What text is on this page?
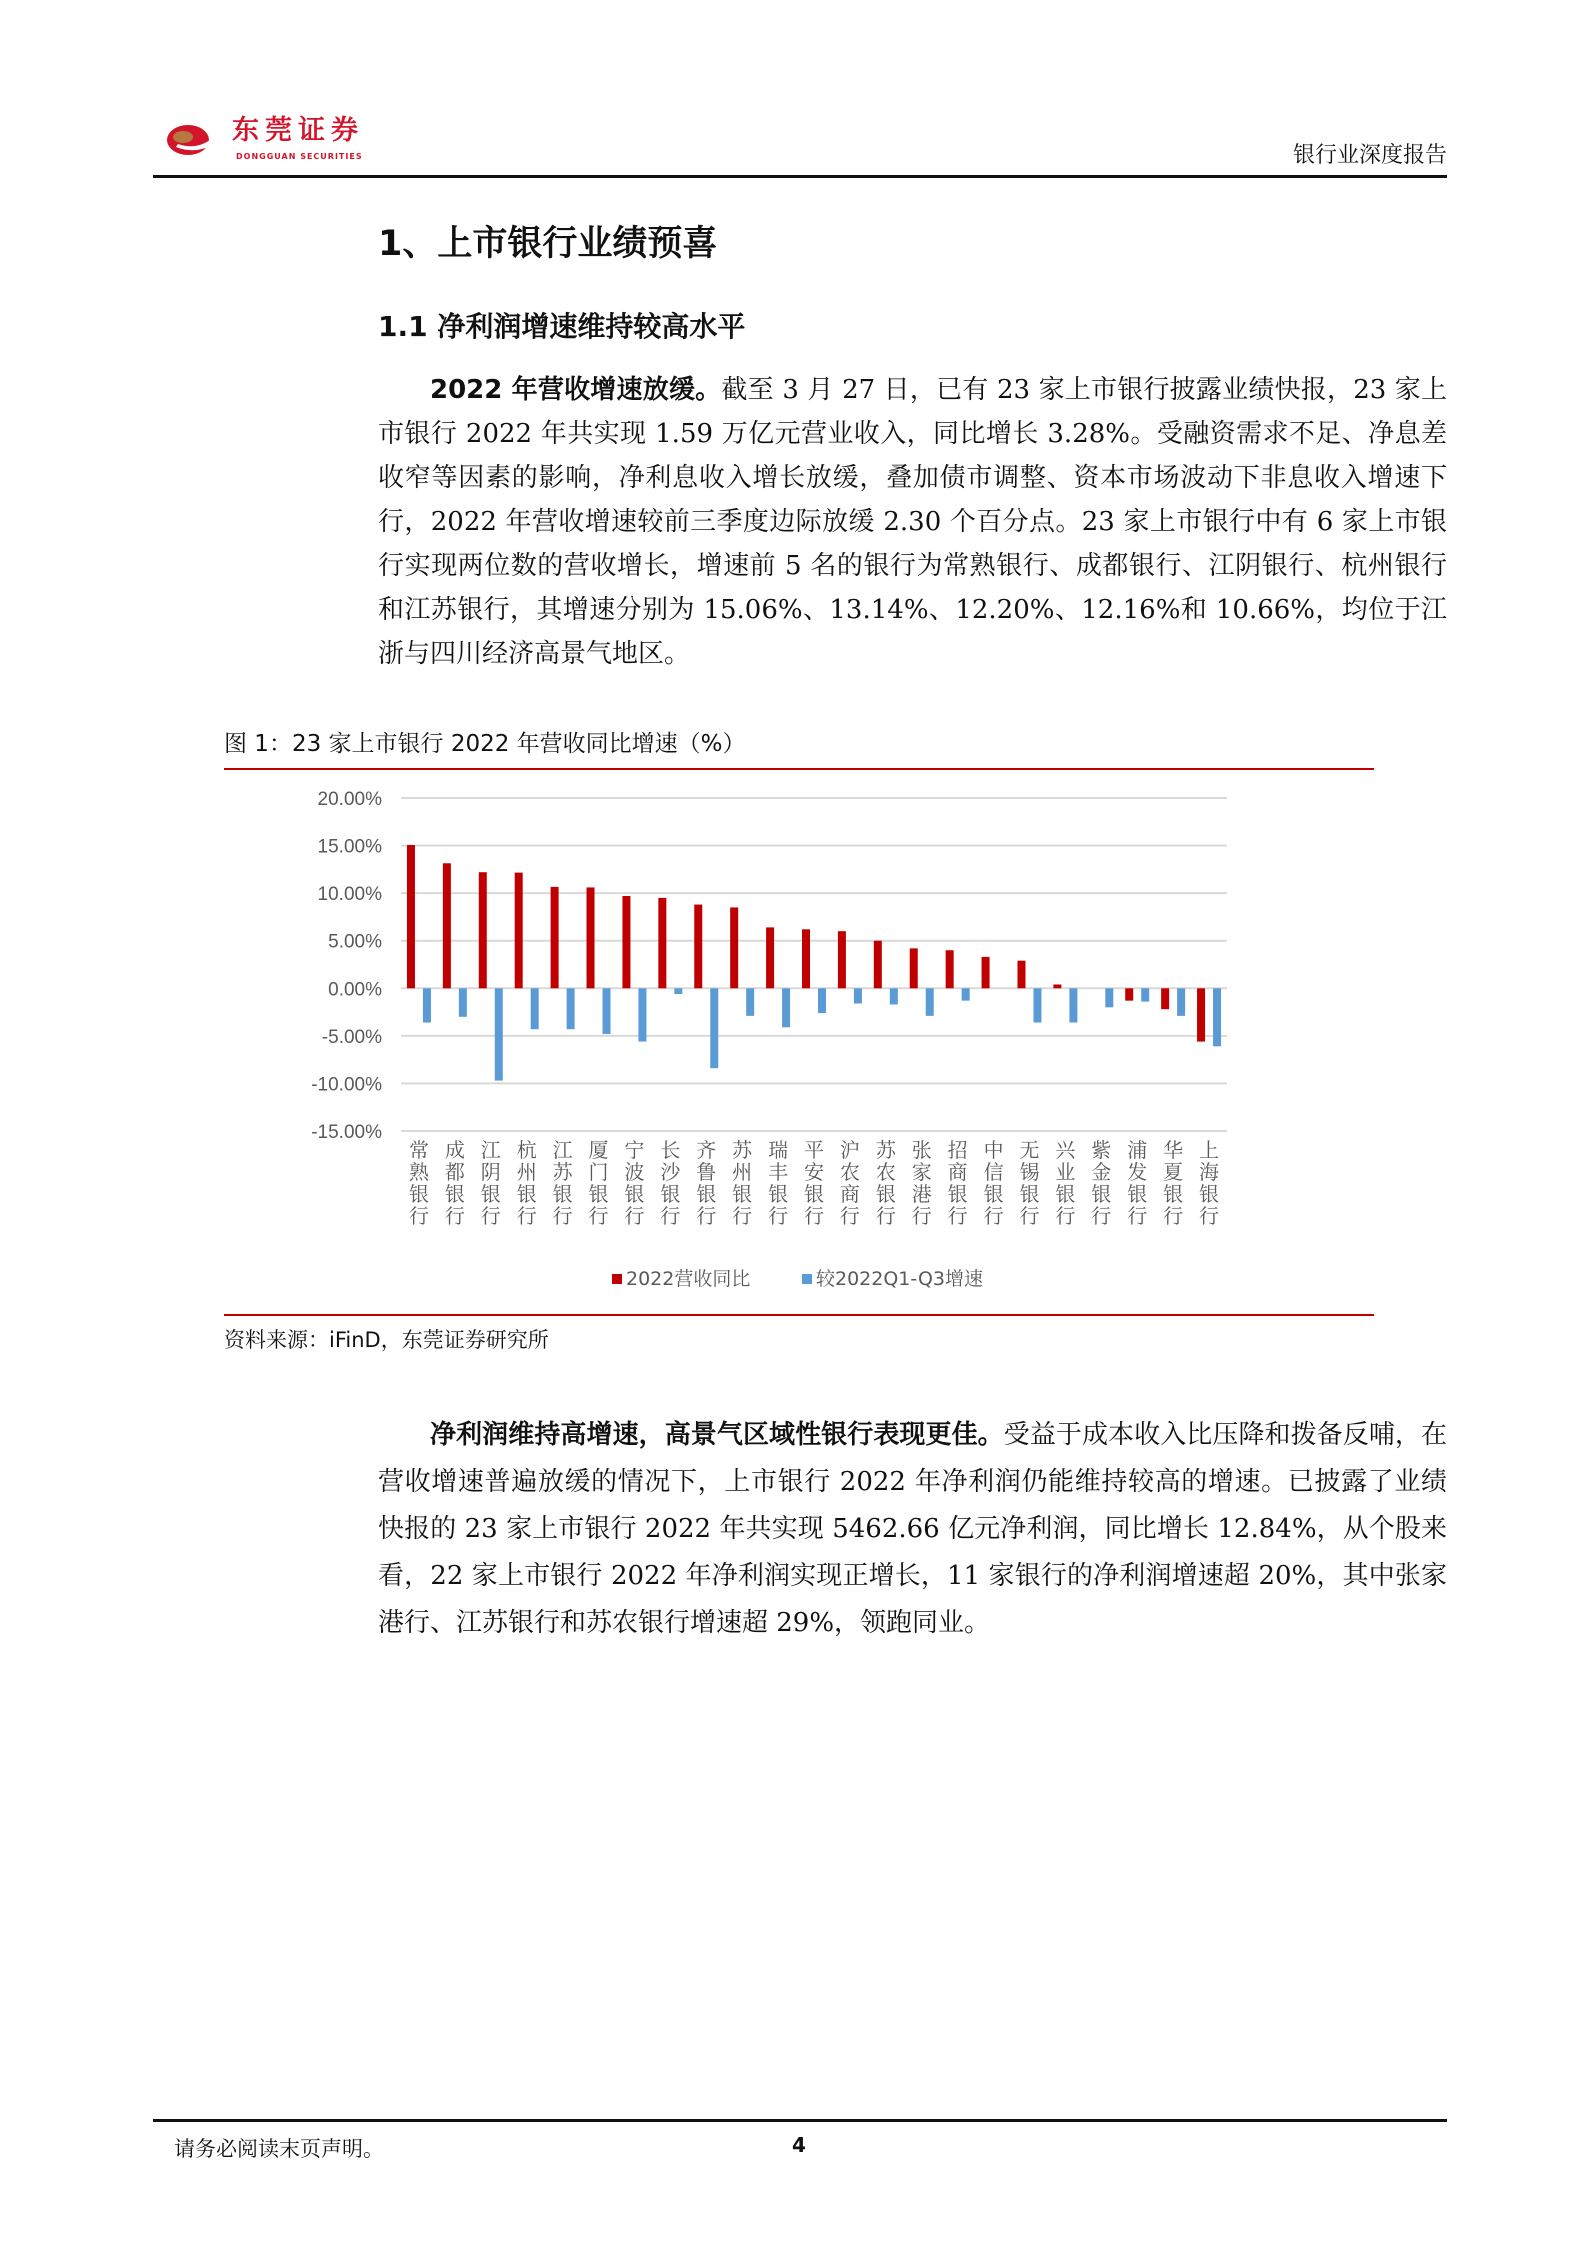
东莞证券
DONGGUAN SECURITIES	银行业深度报告
1、上市银行业绩预喜
1.1 净利润增速维持较高水平
2022 年营收增速放缓。截至 3 月 27 日，已有 23 家上市银行披露业绩快报，23 家上市银行 2022 年共实现 1.59 万亿元营业收入，同比增长 3.28%。受融资需求不足、净息差收窄等因素的影响，净利息收入增长放缓，叠加债市调整、资本市场波动下非息收入增速下行，2022 年营收增速较前三季度边际放缓 2.30 个百分点。23 家上市银行中有 6 家上市银行实现两位数的营收增长，增速前 5 名的银行为常熟银行、成都银行、江阴银行、杭州银行和江苏银行，其增速分别为 15.06%、13.14%、12.20%、12.16%和 10.66%，均位于江浙与四川经济高景气地区。
图 1：23 家上市银行 2022 年营收同比增速（%）
20.00%
15.00%
10.00%
5.00%
0.00%
-5.00%
-10.00%
-15.00%
常
熟
银
行
成
都
银
行
江
阴
银
行
杭
州
银
行
江
苏
银
行
厦
门
银
行
宁
波
银
行
长
沙
银
行
齐
鲁
银
行
苏
州
银
行
瑞
丰
银
行
平
安
银
行
沪
农
商
行
苏
农
银
行
张
家
港
行
招
商
银
行
中
信
银
行
无
锡
银
行
兴
业
银
行
紫
金
银
行
浦
发
银
行
华
夏
银
行
上
海
银
行
2022营收同比	较2022Q1-Q3增速
资料来源：iFinD，东莞证券研究所
净利润维持高增速，高景气区域性银行表现更佳。受益于成本收入比压降和拨备反哺，在营收增速普遍放缓的情况下，上市银行 2022 年净利润仍能维持较高的增速。已披露了业绩快报的 23 家上市银行 2022 年共实现 5462.66 亿元净利润，同比增长 12.84%，从个股来看，22 家上市银行 2022 年净利润实现正增长，11 家银行的净利润增速超 20%，其中张家港行、江苏银行和苏农银行增速超 29%，领跑同业。
请务必阅读末页声明。	4
